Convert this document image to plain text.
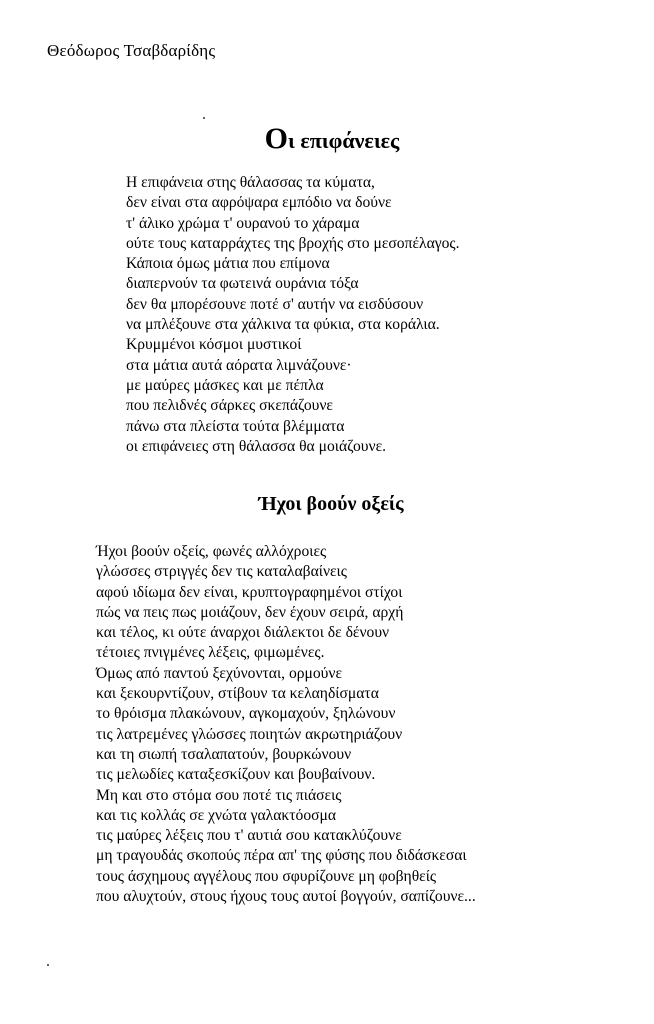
Θεόδωρος Τσαβδαρίδης
Οι επιφάνειες
Η επιφάνεια στης θάλασσας τα κύματα,
δεν είναι στα αφρόψαρα εμπόδιο να δούνε
τ' άλικο χρώμα τ' ουρανού το χάραμα
ούτε τους καταρράχτες της βροχής στο μεσοπέλαγος.
Κάποια όμως μάτια που επίμονα
διαπερνούν τα φωτεινά ουράνια τόξα
δεν θα μπορέσουνε ποτέ σ' αυτήν να εισδύσουν
να μπλέξουνε στα χάλκινα τα φύκια, στα κοράλια.
Κρυμμένοι κόσμοι μυστικοί
στα μάτια αυτά αόρατα λιμνάζουνε·
με μαύρες μάσκες και με πέπλα
που πελιδνές σάρκες σκεπάζουνε
πάνω στα πλείστα τούτα βλέμματα
οι επιφάνειες στη θάλασσα θα μοιάζουνε.
Ήχοι βοούν οξείς
Ήχοι βοούν οξείς, φωνές αλλόχροιες
γλώσσες στριγγές δεν τις καταλαβαίνεις
αφού ιδίωμα δεν είναι, κρυπτογραφημένοι στίχοι
πώς να πεις πως μοιάζουν, δεν έχουν σειρά, αρχή
και τέλος, κι ούτε άναρχοι διάλεκτοι δε δένουν
τέτοιες πνιγμένες λέξεις, φιμωμένες.
Όμως από παντού ξεχύνονται, ορμούνε
και ξεκουρντίζουν, στίβουν τα κελαηδίσματα
το θρόισμα πλακώνουν, αγκομαχούν, ξηλώνουν
τις λατρεμένες γλώσσες ποιητών ακρωτηριάζουν
και τη σιωπή τσαλαπατούν, βουρκώνουν
τις μελωδίες καταξεσκίζουν και βουβαίνουν.
Μη και στο στόμα σου ποτέ τις πιάσεις
και τις κολλάς σε χνώτα γαλακτόοσμα
τις μαύρες λέξεις που τ' αυτιά σου κατακλύζουνε
μη τραγουδάς σκοπούς πέρα απ' της φύσης που διδάσκεσαι
τους άσχημους αγγέλους που σφυρίζουνε μη φοβηθείς
που αλυχτούν, στους ήχους τους αυτοί βογγούν, σαπίζουνε...
